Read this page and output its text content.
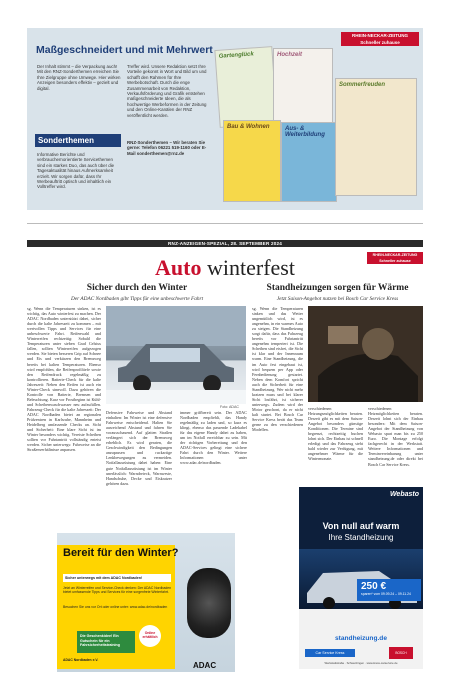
RHEIN-NECKAR-ZEITUNG Schneller zuhause
Maßgeschneidert und mit Mehrwert
Der Inhalt stimmt – die Verpackung auch! Mit den RNZ-Sonderthemen erreichen Sie Ihre Zielgruppe ohne Umwege. Hier wirken Anzeigen besonders effektiv – gezielt und digital.
Sonderthemen
Informative Berichte und verbrauchernorientierte Servicethemen sind ein starkes Duo, das auch über die Tagesaktualität hinaus Aufmerksamkeit erzielt. Wir sorgen dafür, dass Ihr Werbeauftritt optisch und inhaltlich ein Volltreffer wird.
Treffer wird. Unsere Redaktion setzt Ihre Vorteile gekonnt in Wort und Bild um und schafft den Rahmen für Ihre Werbebotschaft. Durch die enge Zusammenarbeit von Redaktion, Verkaufsförderung und Grafik entstehen maßgeschneiderte Ideen, die als hochwertige Werbeformen in der Zeitung und den Online-Kanälen der RNZ veröffentlicht werden.
RNZ-Sonderthemen – Wir beraten Sie gerne: Telefon 06221 519-1160 oder E-Mail sonderthemen@rnz.de
Gartenglück	Hochzeit
Bau & Wohnen	Aus- & Weiterbildung
Sommerfreuden
RNZ-ANZEIGEN-SPEZIAL, 28. SEPTEMBER 2024
RHEIN-NECKAR-ZEITUNG Schneller zuhause
Auto winterfest
Sicher durch den Winter
Der ADAC Nordbaden gibt Tipps für eine unbeschwerte Fahrt
Foto: ADAC
sg. Wenn die Temperaturen sinken, ist es wichtig, das Auto winterfest zu machen. Der ADAC Nordbaden unterstützt dabei, sicher durch die kalte Jahreszeit zu kommen – mit wertvollen Tipps und Services für eine unbeschwerte Fahrt. Reifenwahl und Winterreifen rechtzeitig: Sobald die Temperaturen unter sieben Grad Celsius fallen, sollten Winterreifen aufgezogen werden. Sie bieten besseren Grip auf Schnee und Eis und verkürzen den Bremsweg bereits bei kalten Temperaturen. Ebenso wird empfohlen, die Reifenprofiltiefe sowie den Reifendruck regelmäßig zu kontrollieren. Batterie-Check für die kalte Jahreszeit: Neben den Reifen ist auch ein Winter-Check sinnvoll. Dazu gehören die Kontrolle von Batterie, Bremsen und Beleuchtung. Kurz vor Frostbeginn ist Kühl- und Scheibenwaschwasser neu aufzufüllen. Fahrzeug-Check für die kalte Jahreszeit: Der ADAC Nordbaden bietet an regionalen Prüfzentren in Karlsruhe, Mannheim und Heidelberg umfassende Checks an. Sicht und Sicherheit: Eine klare Sicht ist im Winter besonders wichtig. Vereiste Scheiben sollten vor Fahrtantritt vollständig enteist werden. Sicher unterwegs: Fahrweise an die Straßenverhältnisse anpassen.
Defensive Fahrweise und Abstand einhalten: Im Winter ist eine defensive Fahrweise entscheidend. Halten Sie ausreichend Abstand und fahren Sie vorausschauend. Auf glatten Straßen verlängert sich der Bremsweg erheblich. Es wird geraten, die Geschwindigkeit den Bedingungen anzupassen und ruckartige Lenkbewegungen zu vermeiden. Notfallausrüstung dabei haben: Eine gute Notfallausrüstung ist im Winter unerlässlich: Warndreieck, Warnweste, Handschuhe, Decke und Eiskratzer gehören dazu.
immer griffbereit sein. Der ADAC Nordbaden empfiehlt, das Handy regelmäßig zu laden und, so kurz es klingt, ebenso das passende Ladekabel für das eigene Handy dabei zu haben, um im Notfall erreichbar zu sein. Mit der richtigen Vorbereitung und den ADAC-Services gelingt eine sichere Fahrt durch den Winter. Weitere Informationen unter www.adac.de/nordbaden.
Standheizungen sorgen für Wärme
Jetzt Saison-Angebot nutzen bei Bosch Car Service Kress
sg. Wenn die Temperaturen sinken und das Wetter ungemütlich wird, ist es angenehm, in ein warmes Auto zu steigen. Die Standheizung sorgt dafür, dass das Fahrzeug bereits vor Fahrtantritt angenehm temperiert ist. Die Scheiben sind eisfrei, die Sicht ist klar und der Innenraum warm. Eine Standheizung, die im Auto fest eingebaut ist, wird bequem per App oder Fernbedienung gestartet. Neben dem Komfort spricht auch die Sicherheit für eine Standheizung. Wer nicht mehr kratzen muss und bei klarer Sicht losfährt, ist sicherer unterwegs. Zudem wird der Motor geschont, da er nicht kalt startet. Bei Bosch Car Service Kress berät das Team gerne zu den verschiedenen Modellen.
verschiedenen Heizungsmöglichkeiten beraten. Derzeit gibt es mit dem Saison-Angebot besonders günstige Konditionen. Die Termine sind begrenzt, rechtzeitig buchen lohnt sich. Der Einbau ist schnell erledigt und das Fahrzeug steht bald wieder zur Verfügung, mit angenehmer Wärme für die Wintermonate.
verschiedenen Heizmöglichkeiten beraten. Derzeit lohnt sich der Einbau besonders: Mit dem Saison-Angebot der Standheizung von Webasto spart man bis zu 250 Euro. Die Montage erfolgt fachgerecht in der Werkstatt. Weitere Informationen und Terminvereinbarung unter standheizung.de oder direkt bei Bosch Car Service Kress.
Bereit für den Winter?
Sicher unterwegs mit dem ADAC Nordbaden!
Jetzt an Winterreifen und Service-Check denken: Der ADAC Nordbaden bietet umfassende Tipps und Services für eine sorgenfreie Winterfahrt.
Besuchen Sie uns vor Ort oder online unter: www.adac.de/nordbaden
Die Geschenkidee! Ein Gutschein für ein Fahrsicherheitstraining
Online erhältlich
ADAC Nordbaden e.V.
ADAC
Webasto
Von null auf warm
Ihre Standheizung
250 €
sparen* vom 09.09.24 – 09.11.24
standheizung.de
Car Service Kress	BOSCH
Werkstattstraße · Schwetzingen · www.kress-carservice.de
